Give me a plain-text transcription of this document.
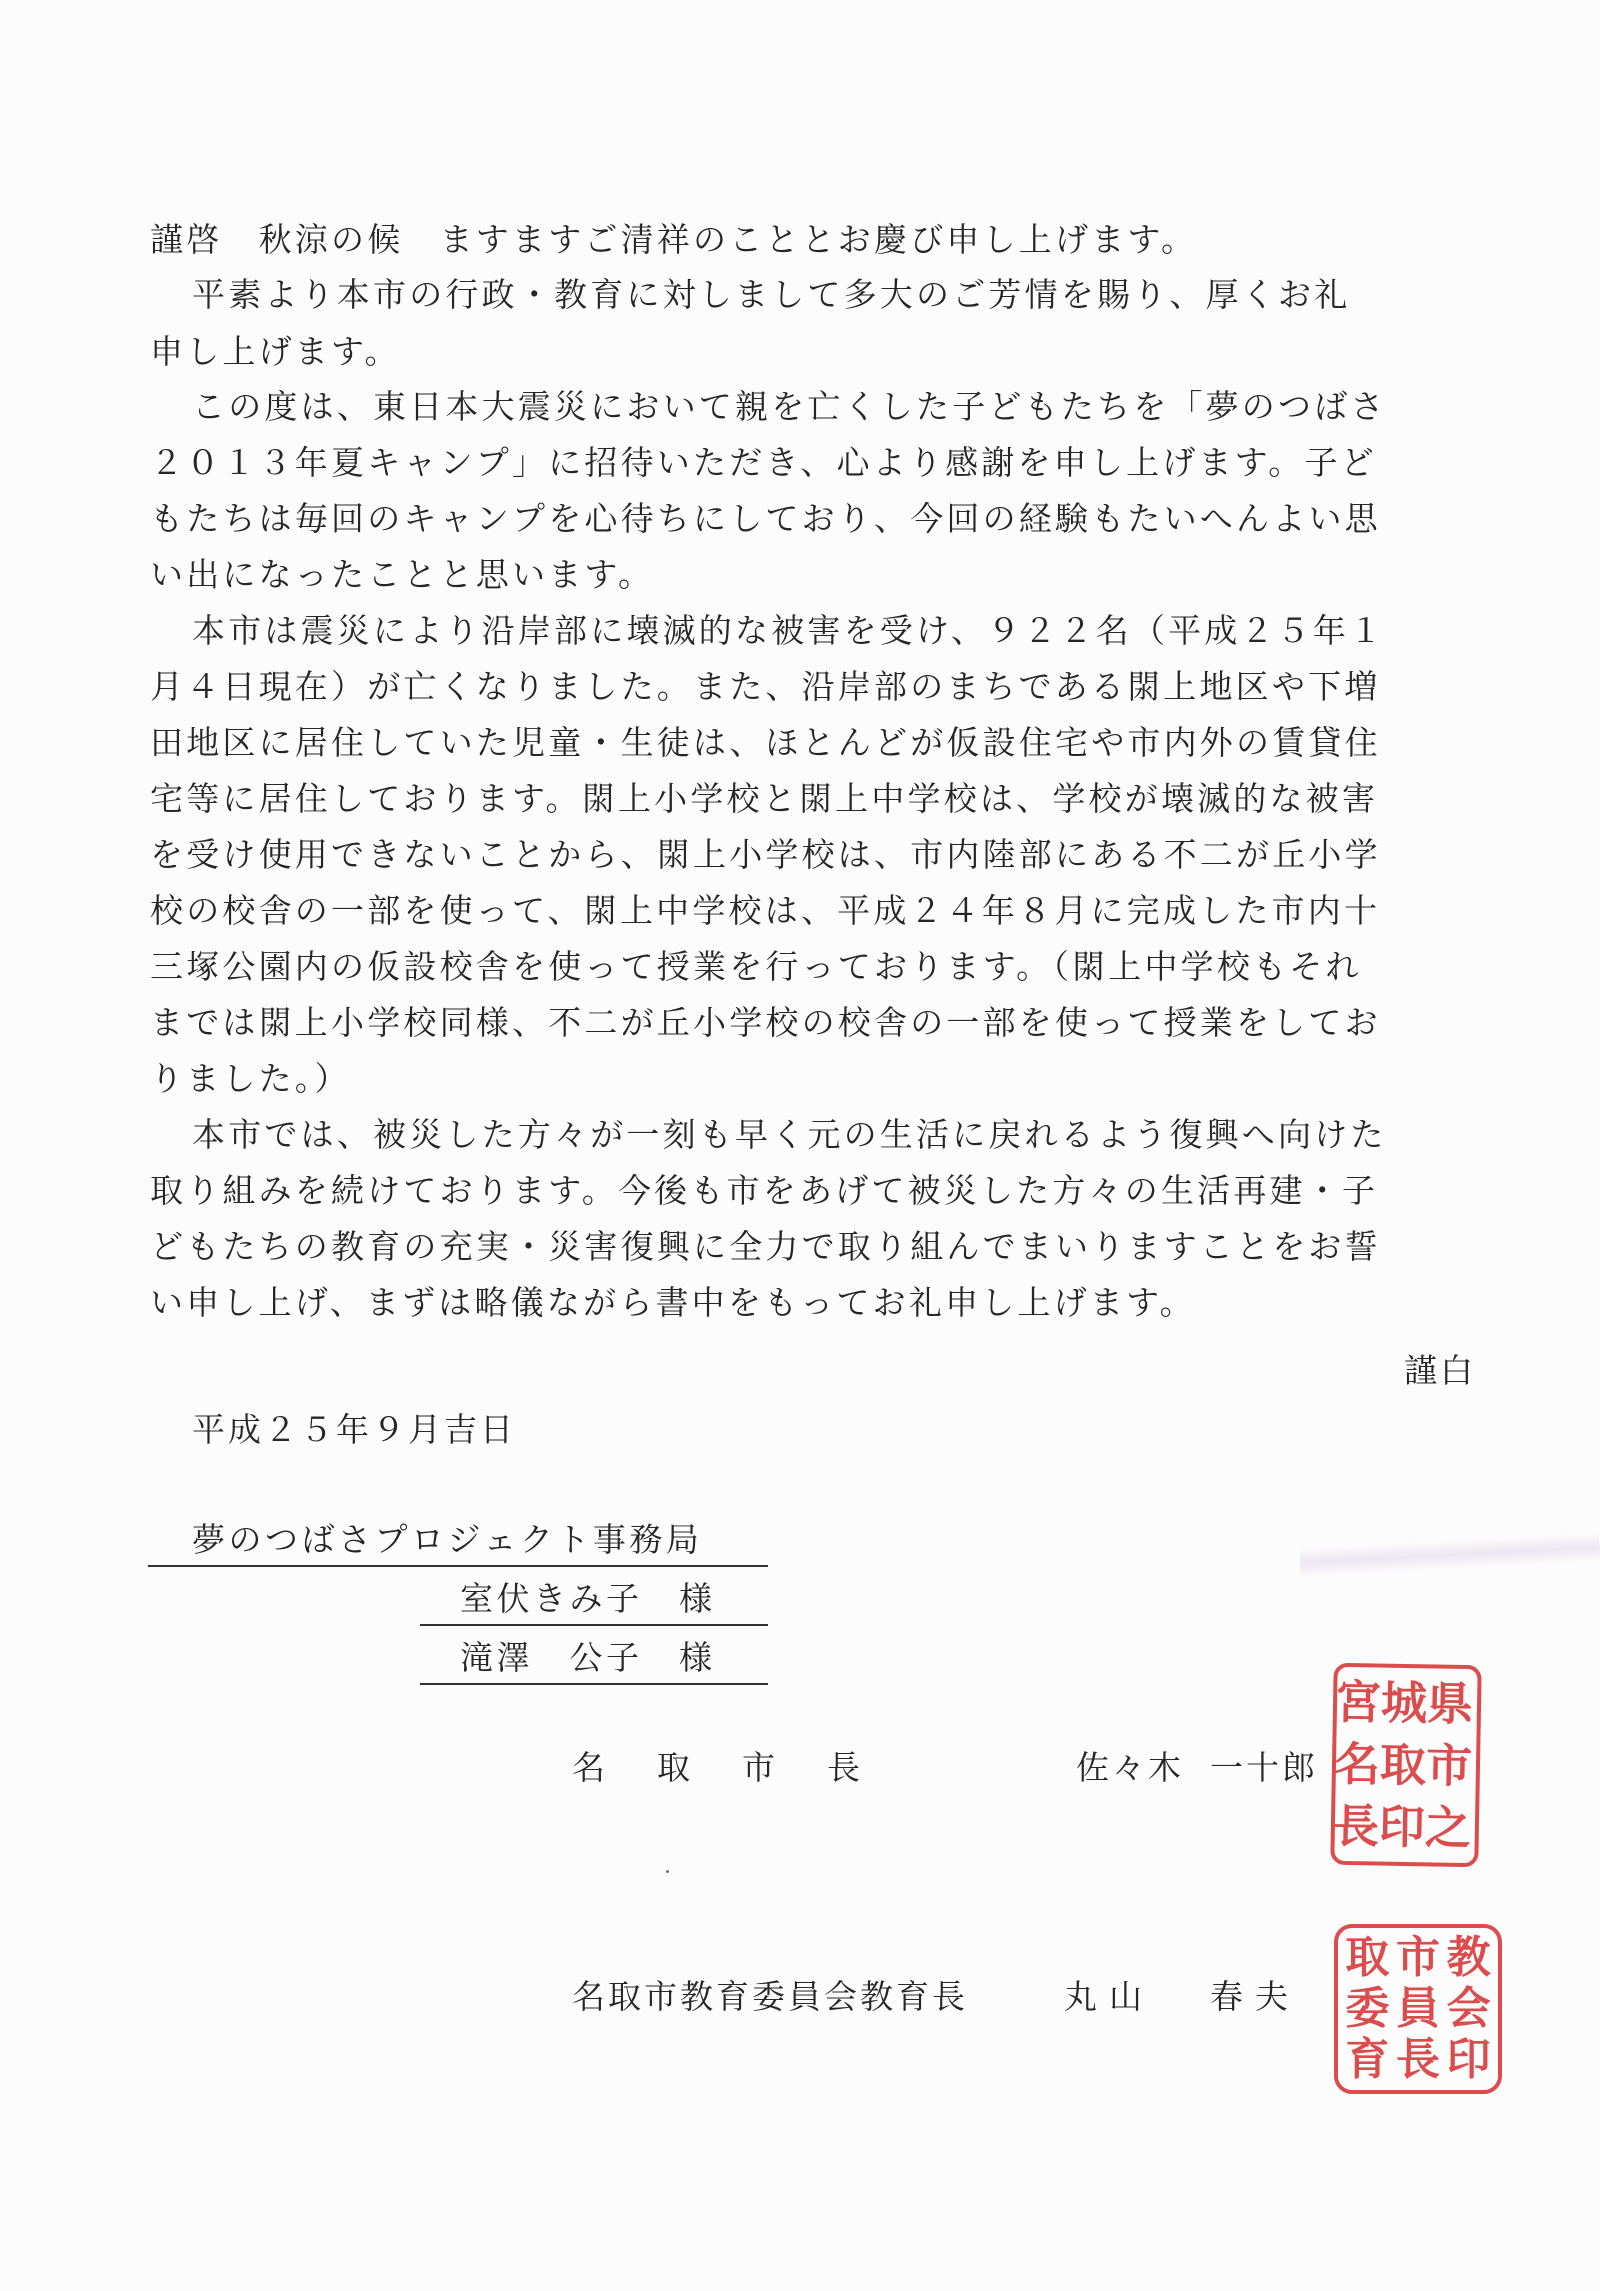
謹啓　秋涼の候　ますますご清祥のこととお慶び申し上げます。
平素より本市の行政・教育に対しまして多大のご芳情を賜り、厚くお礼
申し上げます。
この度は、東日本大震災において親を亡くした子どもたちを「夢のつばさ
２０１３年夏キャンプ」に招待いただき、心より感謝を申し上げます。子ど
もたちは毎回のキャンプを心待ちにしており、今回の経験もたいへんよい思
い出になったことと思います。
本市は震災により沿岸部に壊滅的な被害を受け、９２２名（平成２５年１
月４日現在）が亡くなりました。また、沿岸部のまちである閖上地区や下増
田地区に居住していた児童・生徒は、ほとんどが仮設住宅や市内外の賃貸住
宅等に居住しております。閖上小学校と閖上中学校は、学校が壊滅的な被害
を受け使用できないことから、閖上小学校は、市内陸部にある不二が丘小学
校の校舎の一部を使って、閖上中学校は、平成２４年８月に完成した市内十
三塚公園内の仮設校舎を使って授業を行っております。（閖上中学校もそれ
までは閖上小学校同様、不二が丘小学校の校舎の一部を使って授業をしてお
りました。）
本市では、被災した方々が一刻も早く元の生活に戻れるよう復興へ向けた
取り組みを続けております。今後も市をあげて被災した方々の生活再建・子
どもたちの教育の充実・災害復興に全力で取り組んでまいりますことをお誓
い申し上げ、まずは略儀ながら書中をもってお礼申し上げます。
謹白
平成２５年９月吉日
夢のつばさプロジェクト事務局
室伏きみ子　様
滝澤　公子　様
名取市長	佐々木 一十郎
名取市教育委員会教育長	丸山 春夫
県
市
之
城
取
印
宮
名
長
教
会
印
市
員
長
取
委
育
